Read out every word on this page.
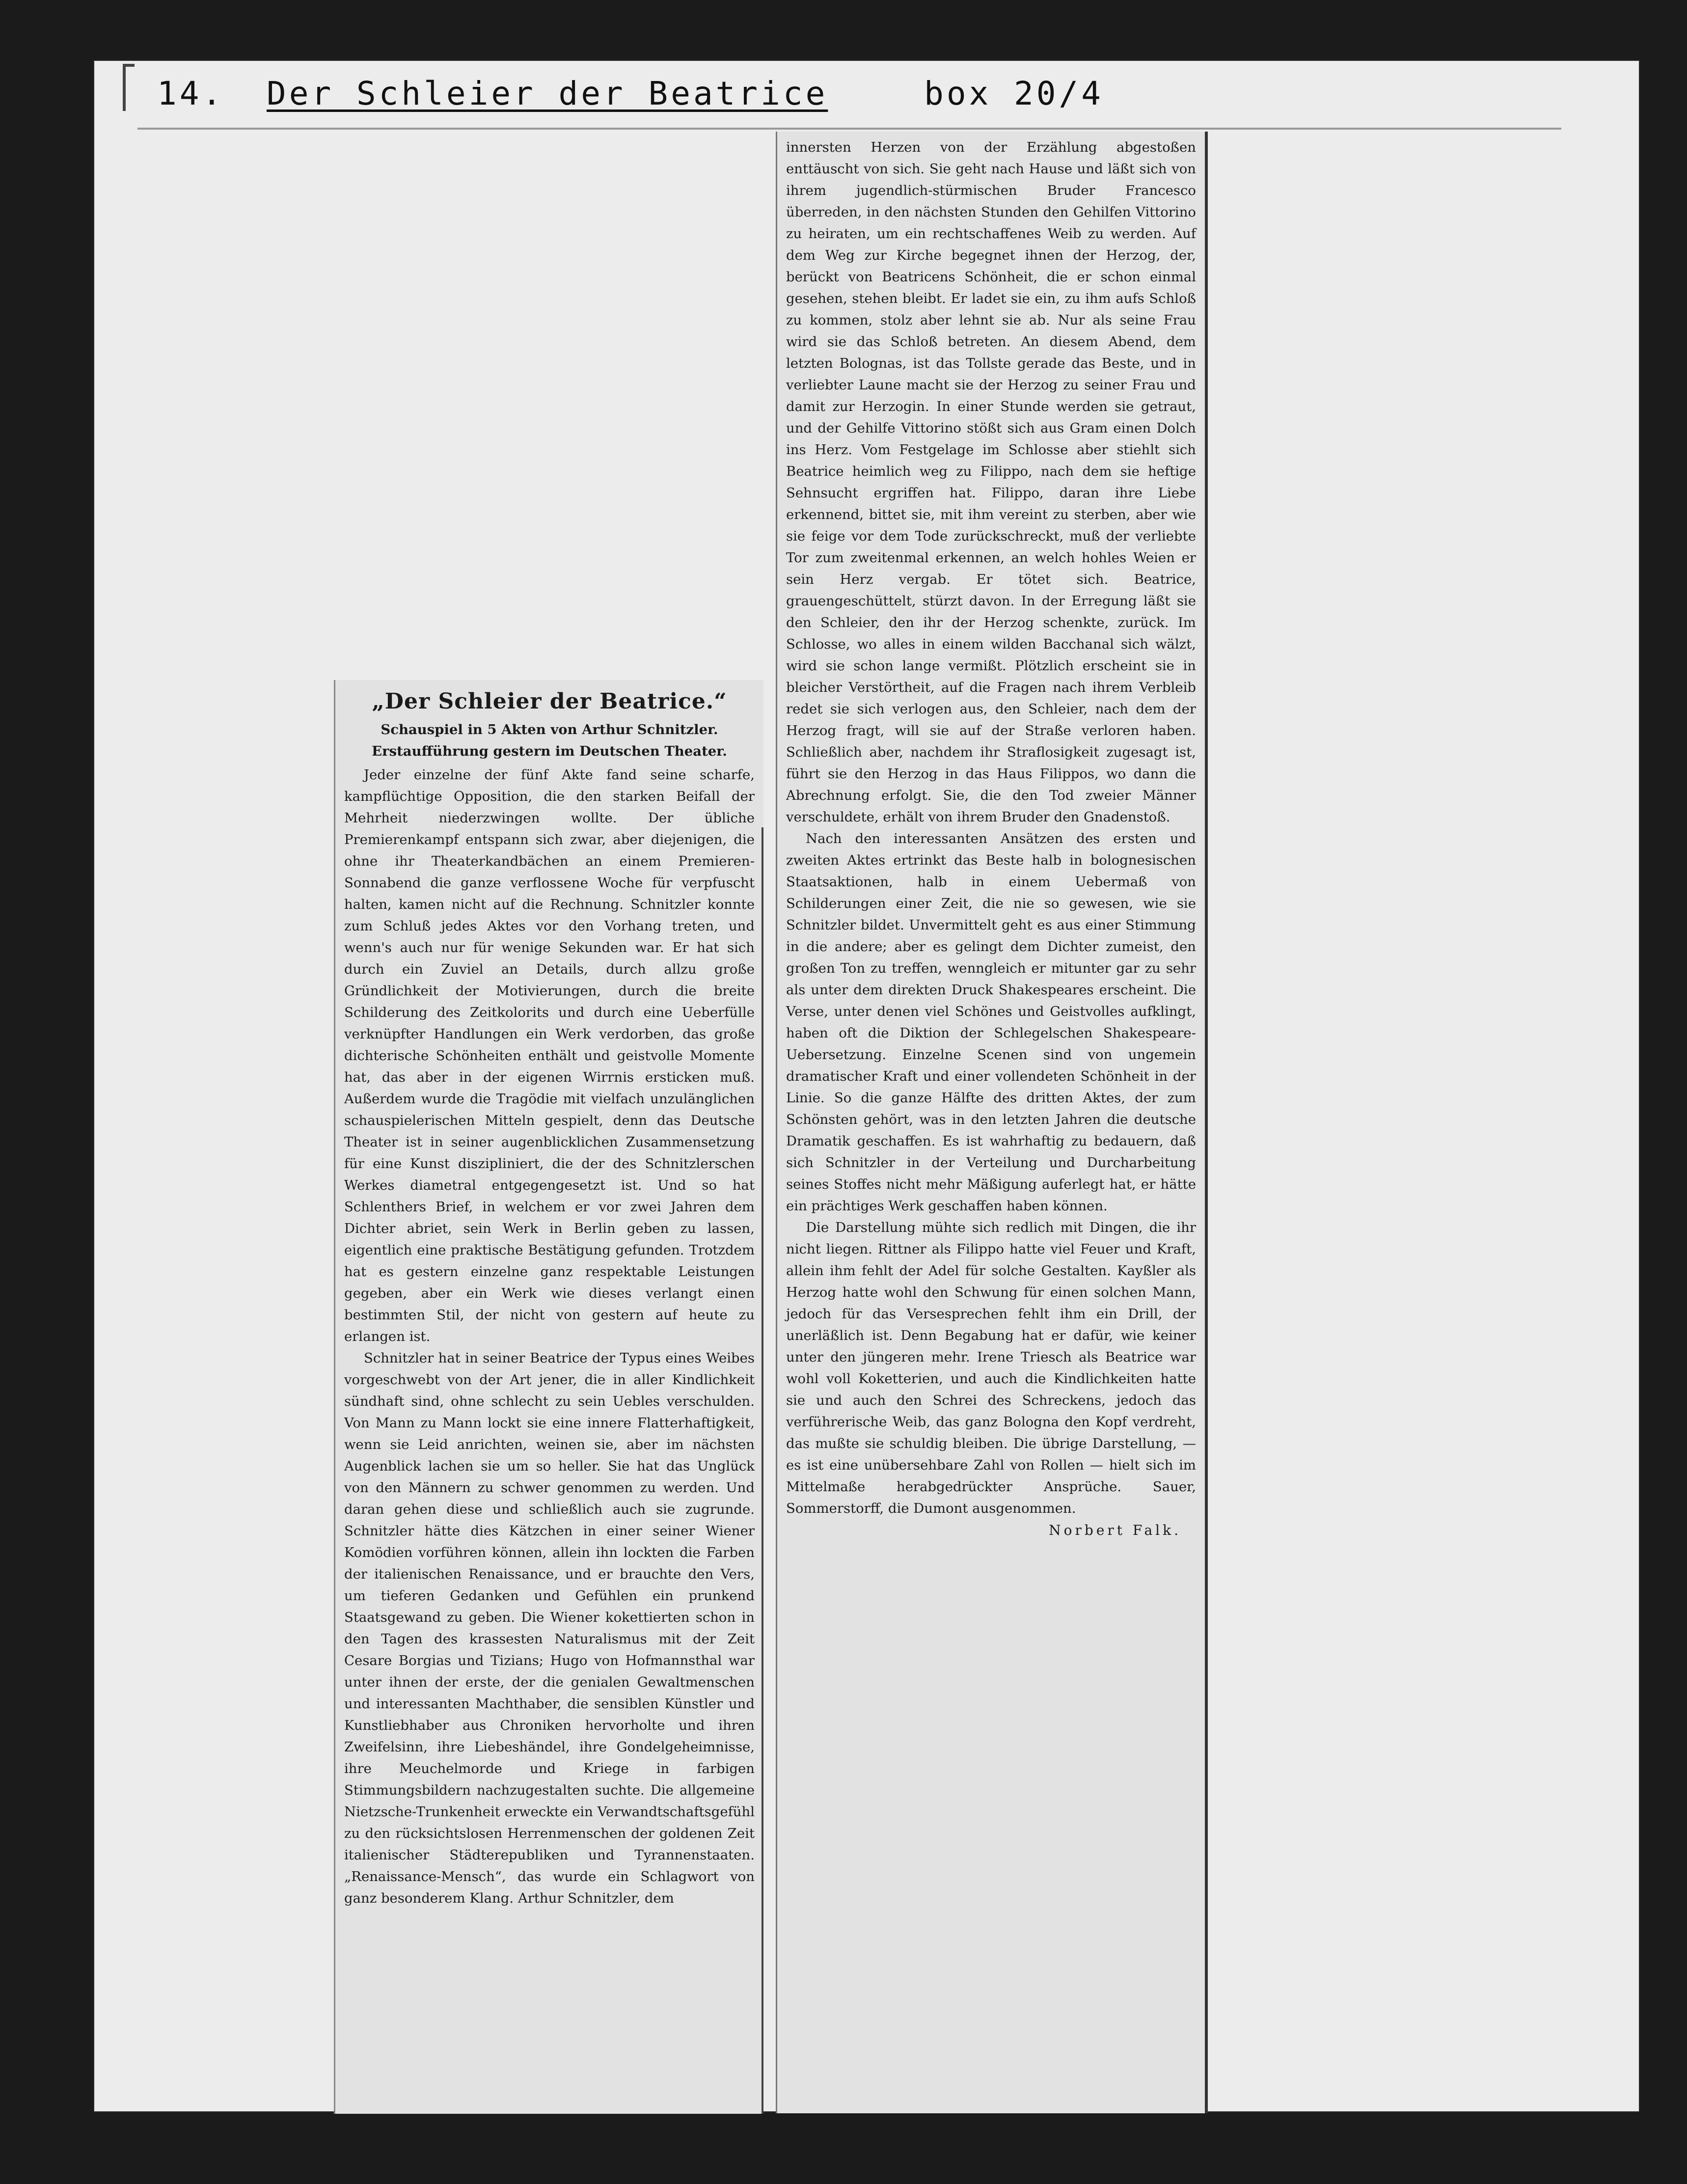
14. Der Schleier der Beatrice	box 20/4
„Der Schleier der Beatrice.“

Schauspiel in 5 Akten von Arthur Schnitzler. Erstaufführung gestern im Deutschen Theater.

Jeder einzelne der fünf Akte fand seine scharfe, kampflüchtige Opposition, die den starken Beifall der Mehrheit niederzwingen wollte. Der übliche Premierenkampf entspann sich zwar, aber diejenigen, die ohne ihr Theaterkandbächen an einem Premieren-Sonnabend die ganze verflossene Woche für verpfuscht halten, kamen nicht auf die Rechnung. Schnitzler konnte zum Schluß jedes Aktes vor den Vorhang treten, und wenn's auch nur für wenige Sekunden war. Er hat sich durch ein Zuviel an Details, durch allzu große Gründlichkeit der Motivierungen, durch die breite Schilderung des Zeitkolorits und durch eine Ueberfülle verknüpfter Handlungen ein Werk verdorben, das große dichterische Schönheiten enthält und geistvolle Momente hat, das aber in der eigenen Wirrnis ersticken muß. Außerdem wurde die Tragödie mit vielfach unzulänglichen schauspielerischen Mitteln gespielt, denn das Deutsche Theater ist in seiner augenblicklichen Zusammensetzung für eine Kunst diszipliniert, die der des Schnitzlerschen Werkes diametral entgegengesetzt ist. Und so hat Schlenthers Brief, in welchem er vor zwei Jahren dem Dichter abriet, sein Werk in Berlin geben zu lassen, eigentlich eine praktische Bestätigung gefunden. Trotzdem hat es gestern einzelne ganz respektable Leistungen gegeben, aber ein Werk wie dieses verlangt einen bestimmten Stil, der nicht von gestern auf heute zu erlangen ist.

Schnitzler hat in seiner Beatrice der Typus eines Weibes vorgeschwebt von der Art jener, die in aller Kindlichkeit sündhaft sind, ohne schlecht zu sein Uebles verschulden. Von Mann zu Mann lockt sie eine innere Flatterhaftigkeit, wenn sie Leid anrichten, weinen sie, aber im nächsten Augenblick lachen sie um so heller. Sie hat das Unglück von den Männern zu schwer genommen zu werden. Und daran gehen diese und schließlich auch sie zugrunde. Schnitzler hätte dies Kätzchen in einer seiner Wiener Komödien vorführen können, allein ihn lockten die Farben der italienischen Renaissance, und er brauchte den Vers, um tieferen Gedanken und Gefühlen ein prunkend Staatsgewand zu geben. Die Wiener kokettierten schon in den Tagen des krassesten Naturalismus mit der Zeit Cesare Borgias und Tizians; Hugo von Hofmannsthal war unter ihnen der erste, der die genialen Gewaltmenschen und interessanten Machthaber, die sensiblen Künstler und Kunstliebhaber aus Chroniken hervorholte und ihren Zweifelsinn, ihre Liebeshändel, ihre Gondelgeheimnisse, ihre Meuchelmorde und Kriege in farbigen Stimmungsbildern nachzugestalten suchte. Die allgemeine Nietzsche-Trunkenheit erweckte ein Verwandtschaftsgefühl zu den rücksichtslosen Herrenmenschen der goldenen Zeit italienischer Städterepubliken und Tyrannenstaaten. „Renaissance-Mensch“, das wurde ein Schlagwort von ganz besonderem Klang. Arthur Schnitzler, dem

innersten Herzen von der Erzählung abgestoßen enttäuscht von sich. Sie geht nach Hause und läßt sich von ihrem jugendlich-stürmischen Bruder Francesco überreden, in den nächsten Stunden den Gehilfen Vittorino zu heiraten, um ein rechtschaffenes Weib zu werden. Auf dem Weg zur Kirche begegnet ihnen der Herzog, der, berückt von Beatricens Schönheit, die er schon einmal gesehen, stehen bleibt. Er ladet sie ein, zu ihm aufs Schloß zu kommen, stolz aber lehnt sie ab. Nur als seine Frau wird sie das Schloß betreten. An diesem Abend, dem letzten Bolognas, ist das Tollste gerade das Beste, und in verliebter Laune macht sie der Herzog zu seiner Frau und damit zur Herzogin. In einer Stunde werden sie getraut, und der Gehilfe Vittorino stößt sich aus Gram einen Dolch ins Herz. Vom Festgelage im Schlosse aber stiehlt sich Beatrice heimlich weg zu Filippo, nach dem sie heftige Sehnsucht ergriffen hat. Filippo, daran ihre Liebe erkennend, bittet sie, mit ihm vereint zu sterben, aber wie sie feige vor dem Tode zurückschreckt, muß der verliebte Tor zum zweitenmal erkennen, an welch hohles Weien er sein Herz vergab. Er tötet sich. Beatrice, grauengeschüttelt, stürzt davon. In der Erregung läßt sie den Schleier, den ihr der Herzog schenkte, zurück. Im Schlosse, wo alles in einem wilden Bacchanal sich wälzt, wird sie schon lange vermißt. Plötzlich erscheint sie in bleicher Verstörtheit, auf die Fragen nach ihrem Verbleib redet sie sich verlogen aus, den Schleier, nach dem der Herzog fragt, will sie auf der Straße verloren haben. Schließlich aber, nachdem ihr Straflosigkeit zugesagt ist, führt sie den Herzog in das Haus Filippos, wo dann die Abrechnung erfolgt. Sie, die den Tod zweier Männer verschuldete, erhält von ihrem Bruder den Gnadenstoß.

Nach den interessanten Ansätzen des ersten und zweiten Aktes ertrinkt das Beste halb in bolognesischen Staatsaktionen, halb in einem Uebermaß von Schilderungen einer Zeit, die nie so gewesen, wie sie Schnitzler bildet. Unvermittelt geht es aus einer Stimmung in die andere; aber es gelingt dem Dichter zumeist, den großen Ton zu treffen, wenngleich er mitunter gar zu sehr als unter dem direkten Druck Shakespeares erscheint. Die Verse, unter denen viel Schönes und Geistvolles aufklingt, haben oft die Diktion der Schlegelschen Shakespeare-Uebersetzung. Einzelne Scenen sind von ungemein dramatischer Kraft und einer vollendeten Schönheit in der Linie. So die ganze Hälfte des dritten Aktes, der zum Schönsten gehört, was in den letzten Jahren die deutsche Dramatik geschaffen. Es ist wahrhaftig zu bedauern, daß sich Schnitzler in der Verteilung und Durcharbeitung seines Stoffes nicht mehr Mäßigung auferlegt hat, er hätte ein prächtiges Werk geschaffen haben können.

Die Darstellung mühte sich redlich mit Dingen, die ihr nicht liegen. Rittner als Filippo hatte viel Feuer und Kraft, allein ihm fehlt der Adel für solche Gestalten. Kayßler als Herzog hatte wohl den Schwung für einen solchen Mann, jedoch für das Versesprechen fehlt ihm ein Drill, der unerläßlich ist. Denn Begabung hat er dafür, wie keiner unter den jüngeren mehr. Irene Triesch als Beatrice war wohl voll Koketterien, und auch die Kindlichkeiten hatte sie und auch den Schrei des Schreckens, jedoch das verführerische Weib, das ganz Bologna den Kopf verdreht, das mußte sie schuldig bleiben. Die übrige Darstellung, — es ist eine unübersehbare Zahl von Rollen — hielt sich im Mittelmaße herabgedrückter Ansprüche. Sauer, Sommerstorff, die Dumont ausgenommen.

Norbert Falk.
